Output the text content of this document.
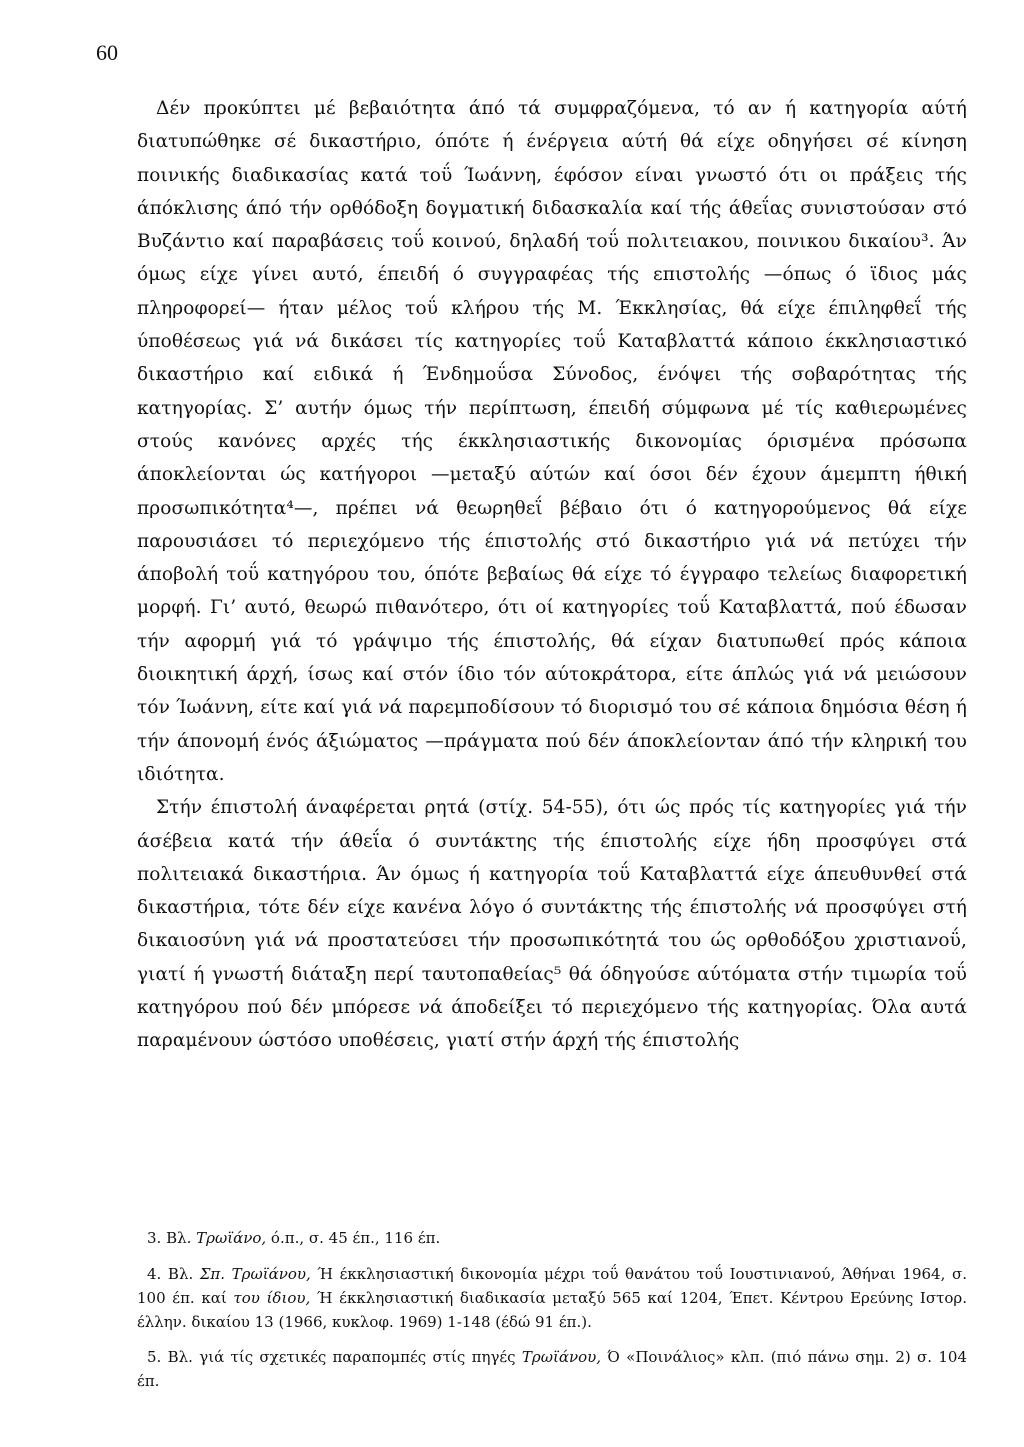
60

Δέν προκύπτει μέ βεβαιότητα άπό τά συμφραζόμενα, τό αν ή κατηγορία αύτή διατυπώθηκε σέ δικαστήριο, όπότε ή ένέργεια αύτή θά είχε οδηγήσει σέ κίνηση ποινικής διαδικασίας κατά τοΰ Ίωάννη, έφόσον είναι γνωστό ότι οι πράξεις τής άπόκλισης άπό τήν ορθόδοξη δογματική διδασκαλία καί τής άθεΐας συνιστούσαν στό Βυζάντιο καί παραβάσεις τοΰ κοινού, δηλαδή τοΰ πολιτειακου, ποινικου δικαίου³. Άν όμως είχε γίνει αυτό, έπειδή ό συγγραφέας τής επιστολής —όπως ό ϊδιος μάς πληροφορεί— ήταν μέλος τοΰ κλήρου τής Μ. Έκκλησίας, θά είχε έπιληφθεΐ τής ύποθέσεως γιά νά δικάσει τίς κατηγορίες τοΰ Καταβλαττά κάποιο έκκλησιαστικό δικαστήριο καί ειδικά ή Ένδημοΰσα Σύνοδος, ένόψει τής σοβαρότητας τής κατηγορίας. Σ’ αυτήν όμως τήν περίπτωση, έπειδή σύμφωνα μέ τίς καθιερωμένες στούς κανόνες αρχές τής έκκλησιαστικής δικονομίας όρισμένα πρόσωπα άποκλείονται ώς κατήγοροι —μεταξύ αύτών καί όσοι δέν έχουν άμεμπτη ήθική προσωπικότητα⁴—, πρέπει νά θεωρηθεΐ βέβαιο ότι ό κατηγορούμενος θά είχε παρουσιάσει τό περιεχόμενο τής έπιστολής στό δικαστήριο γιά νά πετύχει τήν άποβολή τοΰ κατηγόρου του, όπότε βεβαίως θά είχε τό έγγραφο τελείως διαφορετική μορφή. Γι’ αυτό, θεωρώ πιθανότερο, ότι οί κατηγορίες τοΰ Καταβλαττά, πού έδωσαν τήν αφορμή γιά τό γράψιμο τής έπιστολής, θά είχαν διατυπωθεί πρός κάποια διοικητική άρχή, ίσως καί στόν ίδιο τόν αύτοκράτορα, είτε άπλώς γιά νά μειώσουν τόν Ίωάννη, είτε καί γιά νά παρεμποδίσουν τό διορισμό του σέ κάποια δημόσια θέση ή τήν άπονομή ένός άξιώματος —πράγματα πού δέν άποκλείονταν άπό τήν κληρική του ιδιότητα.

Στήν έπιστολή άναφέρεται ρητά (στίχ. 54-55), ότι ώς πρός τίς κατηγορίες γιά τήν άσέβεια κατά τήν άθεΐα ό συντάκτης τής έπιστολής είχε ήδη προσφύγει στά πολιτειακά δικαστήρια. Άν όμως ή κατηγορία τοΰ Καταβλαττά είχε άπευθυνθεί στά δικαστήρια, τότε δέν είχε κανένα λόγο ό συντάκτης τής έπιστολής νά προσφύγει στή δικαιοσύνη γιά νά προστατεύσει τήν προσωπικότητά του ώς ορθοδόξου χριστιανοΰ, γιατί ή γνωστή διάταξη περί ταυτοπαθείας⁵ θά όδηγούσε αύτόματα στήν τιμωρία τοΰ κατηγόρου πού δέν μπόρεσε νά άποδείξει τό περιεχόμενο τής κατηγορίας. Όλα αυτά παραμένουν ώστόσο υποθέσεις, γιατί στήν άρχή τής έπιστολής

3. Βλ. Τρωϊάνο, ό.π., σ. 45 έπ., 116 έπ.

4. Βλ. Σπ. Τρωϊάνου, Ή έκκλησιαστική δικονομία μέχρι τοΰ θανάτου τοΰ Ιουστινιανού, Άθήναι 1964, σ. 100 έπ. καί του ίδιου, Ή έκκλησιαστική διαδικασία μεταξύ 565 καί 1204, Έπετ. Κέντρου Ερεύνης Ιστορ. έλλην. δικαίου 13 (1966, κυκλοφ. 1969) 1-148 (έδώ 91 έπ.).

5. Βλ. γιά τίς σχετικές παραπομπές στίς πηγές Τρωϊάνου, Ό «Ποινάλιος» κλπ. (πιό πάνω σημ. 2) σ. 104 έπ.
